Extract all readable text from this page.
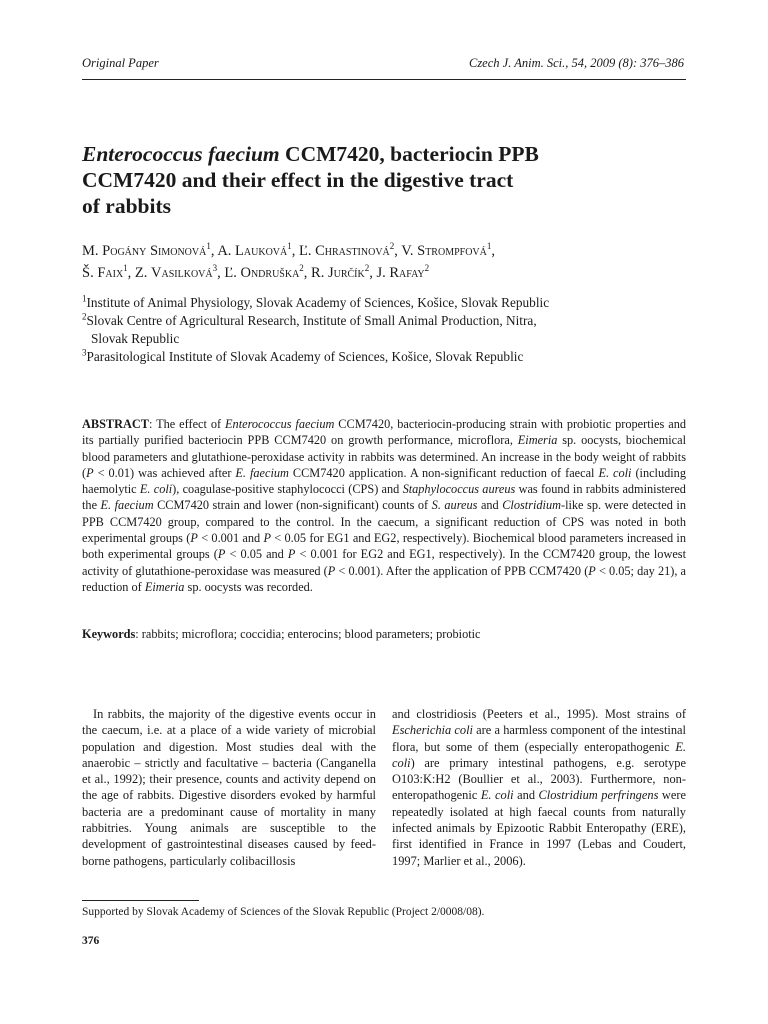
Original Paper	Czech J. Anim. Sci., 54, 2009 (8): 376–386
Enterococcus faecium CCM7420, bacteriocin PPB
CCM7420 and their effect in the digestive tract
of rabbits
M. Pogány Simonová$^1$, A. Lauková$^1$, Ľ. Chrastinová$^2$, V. Strompfová$^1$,
Š. Faix$^1$, Z. Vasilková$^3$, Ľ. Ondruška$^2$, R. Jurčík$^2$, J. Rafay$^2$

$^1$Institute of Animal Physiology, Slovak Academy of Sciences, Košice, Slovak Republic

$^2$Slovak Centre of Agricultural Research, Institute of Small Animal Production, Nitra,

Slovak Republic

$^3$Parasitological Institute of Slovak Academy of Sciences, Košice, Slovak Republic

ABSTRACT: The effect of Enterococcus faecium CCM7420, bacteriocin-producing strain with probiotic properties and its partially purified bacteriocin PPB CCM7420 on growth performance, microflora, Eimeria sp. oocysts, biochemical blood parameters and glutathione-peroxidase activity in rabbits was determined. An increase in the body weight of rabbits (P < 0.01) was achieved after E. faecium CCM7420 application. A non-significant reduction of faecal E. coli (including haemolytic E. coli), coagulase-positive staphylococci (CPS) and Staphylococcus aureus was found in rabbits administered the E. faecium CCM7420 strain and lower (non-significant) counts of S. aureus and Clostridium-like sp. were detected in PPB CCM7420 group, compared to the control. In the caecum, a significant reduction of CPS was noted in both experimental groups (P < 0.001 and P < 0.05 for EG1 and EG2, respectively). Biochemical blood parameters increased in both experimental groups (P < 0.05 and P < 0.001 for EG2 and EG1, respectively). In the CCM7420 group, the lowest activity of glutathione-peroxidase was measured (P < 0.001). After the application of PPB CCM7420 (P < 0.05; day 21), a reduction of Eimeria sp. oocysts was recorded.
Keywords: rabbits; microflora; coccidia; enterocins; blood parameters; probiotic
In rabbits, the majority of the digestive events occur in the caecum, i.e. at a place of a wide variety of microbial population and digestion. Most studies deal with the anaerobic – strictly and facultative – bacteria (Canganella et al., 1992); their presence, counts and activity depend on the age of rabbits. Digestive disorders evoked by harmful bacteria are a predominant cause of mortality in many rabbitries. Young animals are susceptible to the development of gastrointestinal diseases caused by feed-borne pathogens, particularly colibacillosis
and clostridiosis (Peeters et al., 1995). Most strains of Escherichia coli are a harmless component of the intestinal flora, but some of them (especially enteropathogenic E. coli) are primary intestinal pathogens, e.g. serotype O103:K:H2 (Boullier et al., 2003). Furthermore, non-enteropathogenic E. coli and Clostridium perfringens were repeatedly isolated at high faecal counts from naturally infected animals by Epizootic Rabbit Enteropathy (ERE), first identified in France in 1997 (Lebas and Coudert, 1997; Marlier et al., 2006).
Supported by Slovak Academy of Sciences of the Slovak Republic (Project 2/0008/08).
376
